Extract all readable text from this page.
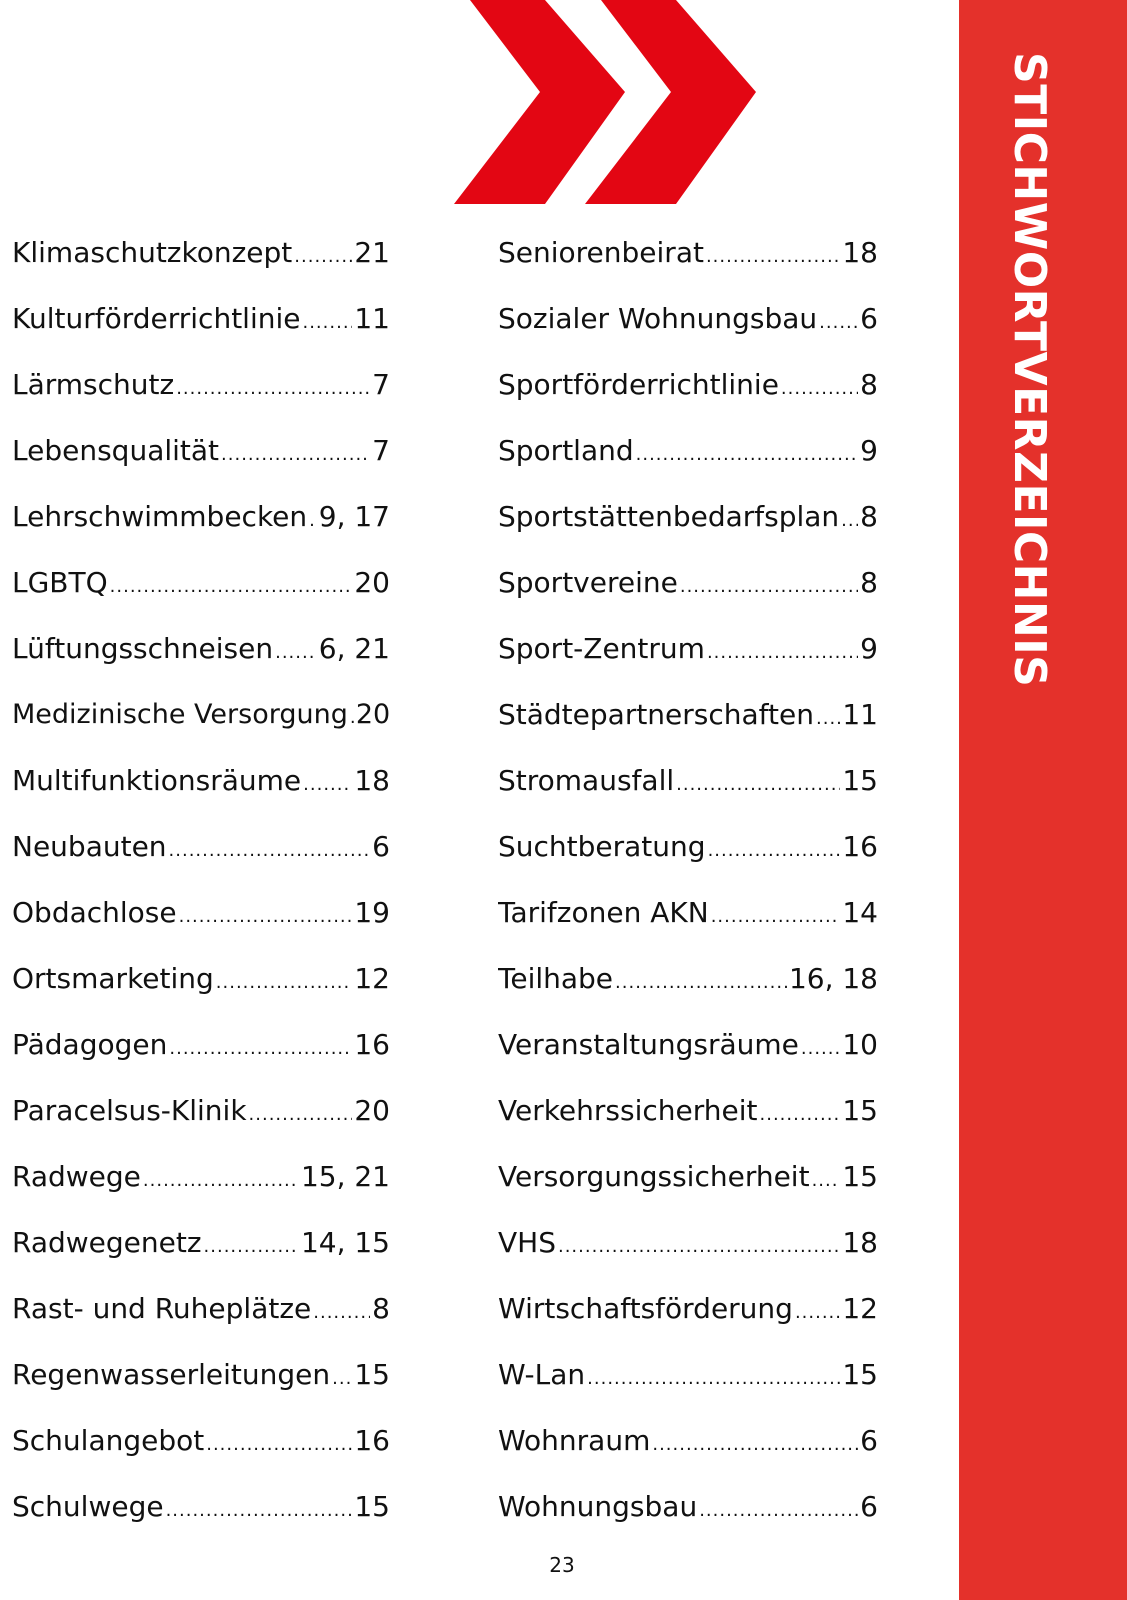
STICHWORTVERZEICHNIS
Klimaschutzkonzept ..... 21
Kulturförderrichtlinie ..... 11
Lärmschutz .....	7
Lebensqualität .....	7
Lehrschwimmbecken ..... 9, 17
LGBTQ .....	20
Lüftungsschneisen ..... 6, 21
Medizinische Versorgung ..... 20
Multifunktionsräume ..... 18
Neubauten .....	6
Obdachlose .....	19
Ortsmarketing .....	12
Pädagogen .....	16
Paracelsus-Klinik .....	20
Radwege .....	15, 21
Radwegenetz .....	14, 15
Rast- und Ruheplätze ..... 8
Regenwasserleitungen ..... 15
Schulangebot .....	16
Schulwege .....	15
Seniorenbeirat .....	18
Sozialer Wohnungsbau ..... 6
Sportförderrichtlinie .....	8
Sportland .....	9
Sportstättenbedarfsplan ..... 8
Sportvereine .....	8
Sport-Zentrum .....	9
Städtepartnerschaften ..... 11
Stromausfall .....	15
Suchtberatung .....	16
Tarifzonen AKN .....	14
Teilhabe .....	16, 18
Veranstaltungsräume ..... 10
Verkehrssicherheit .....	15
Versorgungssicherheit ..... 15
VHS .....	18
Wirtschaftsförderung ..... 12
W-Lan .....	15
Wohnraum .....	6
Wohnungsbau .....	6
23
